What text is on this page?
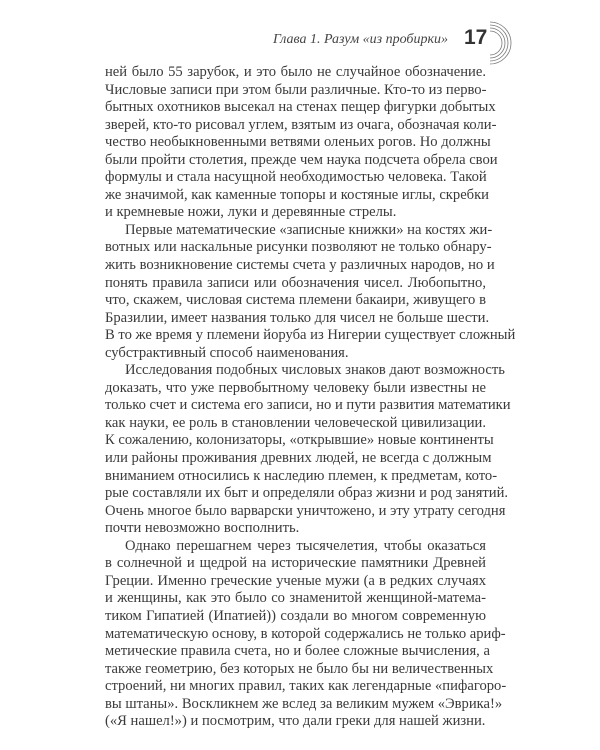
Глава 1. Разум «из пробирки» 17
ней было 55 зарубок, и это было не случайное обозначение.
Числовые записи при этом были различные. Кто-то из перво-
бытных охотников высекал на стенах пещер фигурки добытых
зверей, кто-то рисовал углем, взятым из очага, обозначая коли-
чество необыкновенными ветвями оленьих рогов. Но должны
были пройти столетия, прежде чем наука подсчета обрела свои
формулы и стала насущной необходимостью человека. Такой
же значимой, как каменные топоры и костяные иглы, скребки
и кремневые ножи, луки и деревянные стрелы.
Первые математические «записные книжки» на костях жи-
вотных или наскальные рисунки позволяют не только обнару-
жить возникновение системы счета у различных народов, но и
понять правила записи или обозначения чисел. Любопытно,
что, скажем, числовая система племени бакаири, живущего в
Бразилии, имеет названия только для чисел не больше шести.
В то же время у племени йоруба из Нигерии существует сложный
субстрактивный способ наименования.
Исследования подобных числовых знаков дают возможность
доказать, что уже первобытному человеку были известны не
только счет и система его записи, но и пути развития математики
как науки, ее роль в становлении человеческой цивилизации.
К сожалению, колонизаторы, «открывшие» новые континенты
или районы проживания древних людей, не всегда с должным
вниманием относились к наследию племен, к предметам, кото-
рые составляли их быт и определяли образ жизни и род занятий.
Очень многое было варварски уничтожено, и эту утрату сегодня
почти невозможно восполнить.
Однако перешагнем через тысячелетия, чтобы оказаться
в солнечной и щедрой на исторические памятники Древней
Греции. Именно греческие ученые мужи (а в редких случаях
и женщины, как это было со знаменитой женщиной-матема-
тиком Гипатией (Ипатией)) создали во многом современную
математическую основу, в которой содержались не только ариф-
метические правила счета, но и более сложные вычисления, а
также геометрию, без которых не было бы ни величественных
строений, ни многих правил, таких как легендарные «пифагоро-
вы штаны». Воскликнем же вслед за великим мужем «Эврика!»
(«Я нашел!») и посмотрим, что дали греки для нашей жизни.
